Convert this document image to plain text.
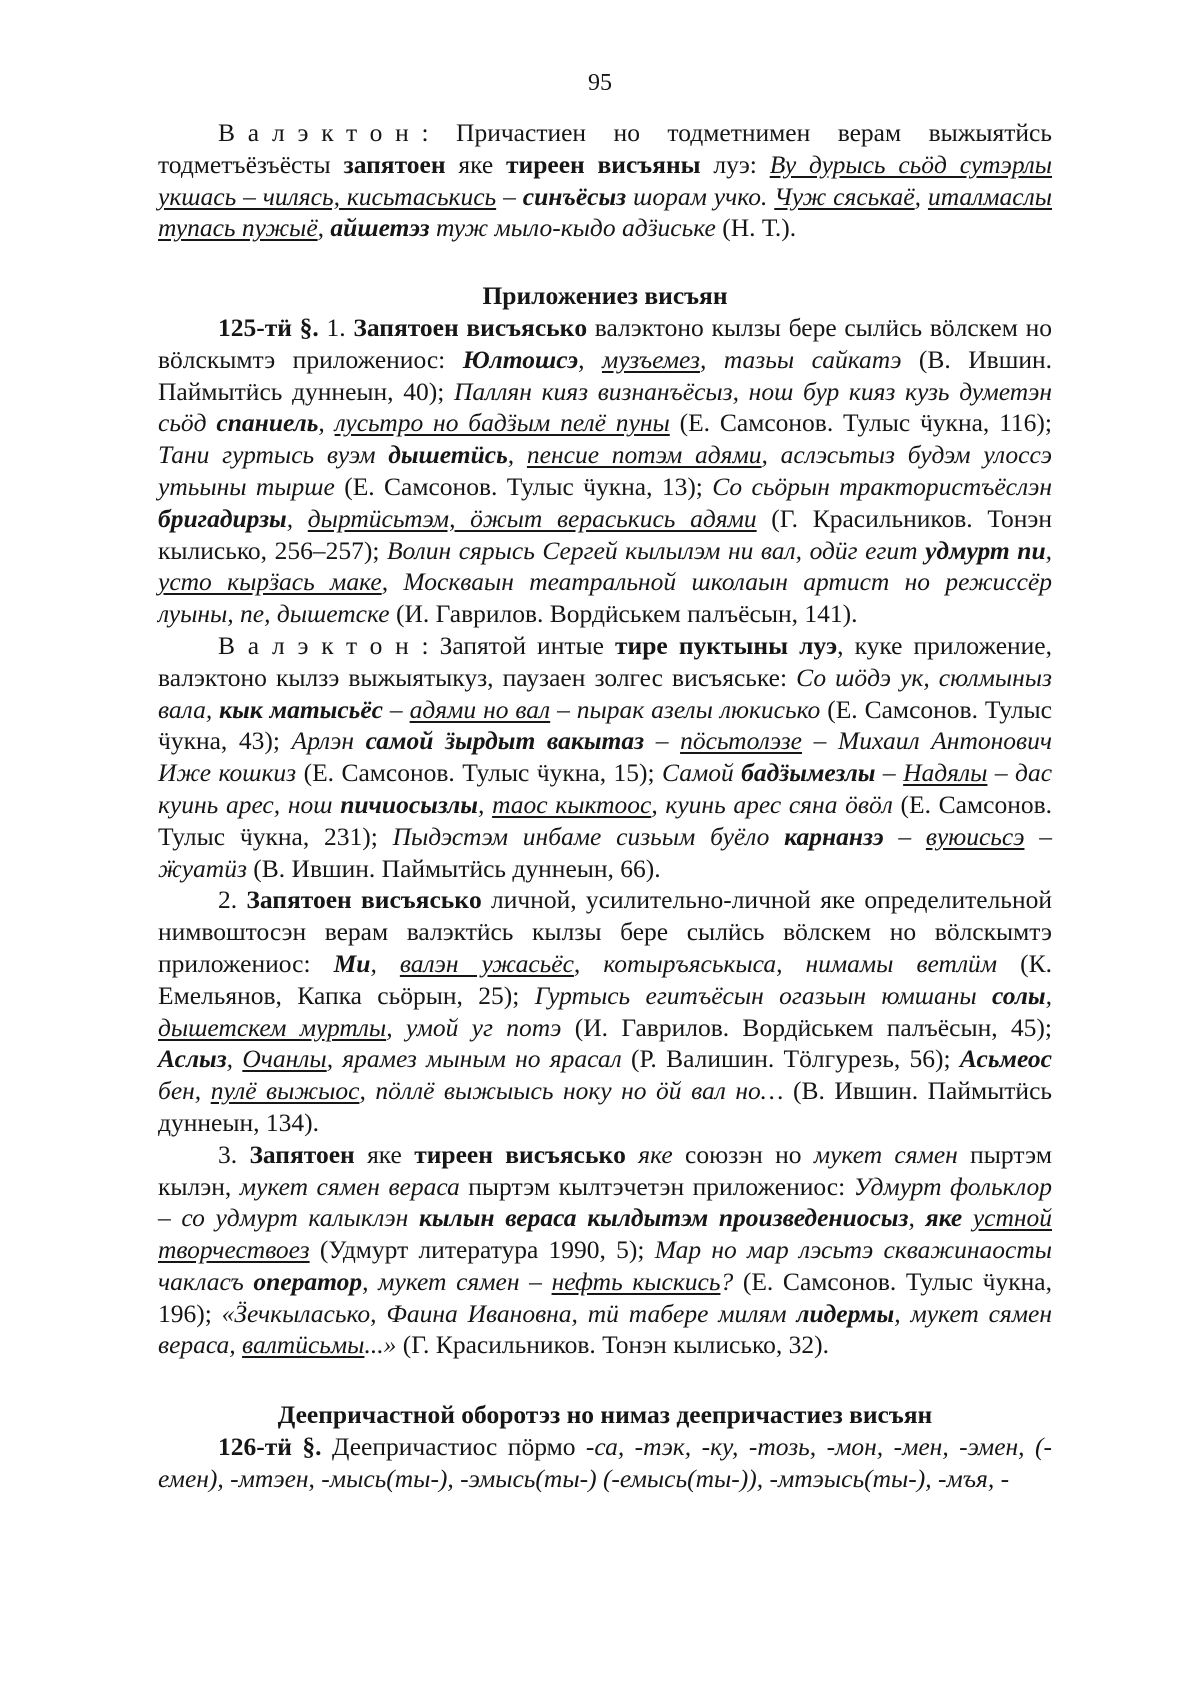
95

Валэктон: Причастиен но тодметнимен верам выжыятйсь тодметъёзъёсты запятоен яке тиреен висъяны луэ: Ву дурысь сьöд сутэрлы укшась – чилясь, кисьтаськись – синъёсыз шорам учко. Чуж сяськаё, италмаслы тупась пужыё, айшетэз туж мыло-кыдо адӟиське (Н. Т.).

Приложениез висъян

125-тӥ §. 1. Запятоен висъяськo валэктоно кылзы бере сылӥсь вöлскем но вöлскымтэ приложениос: Юлтошсэ, музъемез, тазьы сайкатэ (В. Ившин. Паймытӥсь дуннеын, 40); Паллян кияз визнанъёсыз, нош бур кияз кузь думетэн сьöд спаниель, лусьтро но бадӟым пелё пуны (Е. Самсонов. Тулыс ӵукна, 116); Тани гуртысь вуэм дышетӥсь, пенсие потэм адями, аслэсьтыз будэм улоссэ утьыны тырше (Е. Самсонов. Тулыс ӵукна, 13); Со сьöрын трактористъёслэн бригадирзы, дыртӥсьтэм, öжыт вераськись адями (Г. Красильников. Тонэн кылисько, 256–257); Волин сярысь Сергей кылылэм ни вал, одӥг егит удмурт пи, усто кырӟась маке, Москваын театральной школаын артист но режиссëр луыны, пе, дышетске (И. Гаврилов. Вордӥськем палъёсын, 141).

Валэктон: Запятой интые тире пуктыны луэ, куке приложение, валэктоно кылзэ выжыятыкуз, паузаен золгес висъяське: Со шöдэ ук, сюлмыныз вала, кык матысьёс – адями но вал – пырак азелы люкисько (Е. Самсонов. Тулыс ӵукна, 43); Арлэн самой ӟырдыт вакытаз – пöсьтолэзе – Михаил Антонович Иже кошкиз (Е. Самсонов. Тулыс ӵукна, 15); Самой бадӟымезлы – Надялы – дас куинь арес, нош пичиосызлы, таос кыктоос, куинь арес сяна öвöл (Е. Самсонов. Тулыс ӵукна, 231); Пыдэстэм инбаме сизьым буёло карнанзэ – вуюисьсэ – ӝуатӥз (В. Ившин. Паймытӥсь дуннеын, 66).

2. Запятоен висъяськo личной, усилительно-личной яке определительной нимвоштосэн верам валэктӥсь кылзы бере сылӥсь вöлскем но вöлскымтэ приложениос: Ми, валэн ужасьёс, котыръяськыса, нимамы ветлӥм (К. Емельянов, Капка сьöрын, 25); Гуртысь егитъёсын огазьын юмшаны солы, дышетскем муртлы, умой уг потэ (И. Гаврилов. Вордӥськем палъёсын, 45); Аслыз, Очанлы, ярамез мыным но ярасал (Р. Валишин. Тöлгурезь, 56); Асьмеос бен, пулё выжыос, пöллё выжыысь ноку но öй вал но… (В. Ившин. Паймытӥсь дуннеын, 134).

3. Запятоен яке тиреен висъяськo яке союзэн но мукет сямен пыртэм кылэн, мукет сямен вераса пыртэм кылтэчетэн приложениос: Удмурт фольклор – со удмурт калыклэн кылын вераса кылдытэм произведениосыз, яке устной творчествоез (Удмурт литература 1990, 5); Мар но мар лэсьтэ скважинаосты чакласъ оператор, мукет сямен – нефть кыскись? (Е. Самсонов. Тулыс ӵукна, 196); «Ӟечкыласько, Фаина Ивановна, тӥ табере милям лидермы, мукет сямен вераса, валтӥсьмы...» (Г. Красильников. Тонэн кылисько, 32).

Деепричастной оборотэз но нимаз деепричастиез висъян

126-тӥ §. Деепричастиос пöрмо -са, -тэк, -ку, -тозь, -мон, -мен, -эмен, (-емен), -мтэен, -мысь(ты-), -эмысь(ты-) (-емысь(ты-)), -мтэысь(ты-), -мъя, -
